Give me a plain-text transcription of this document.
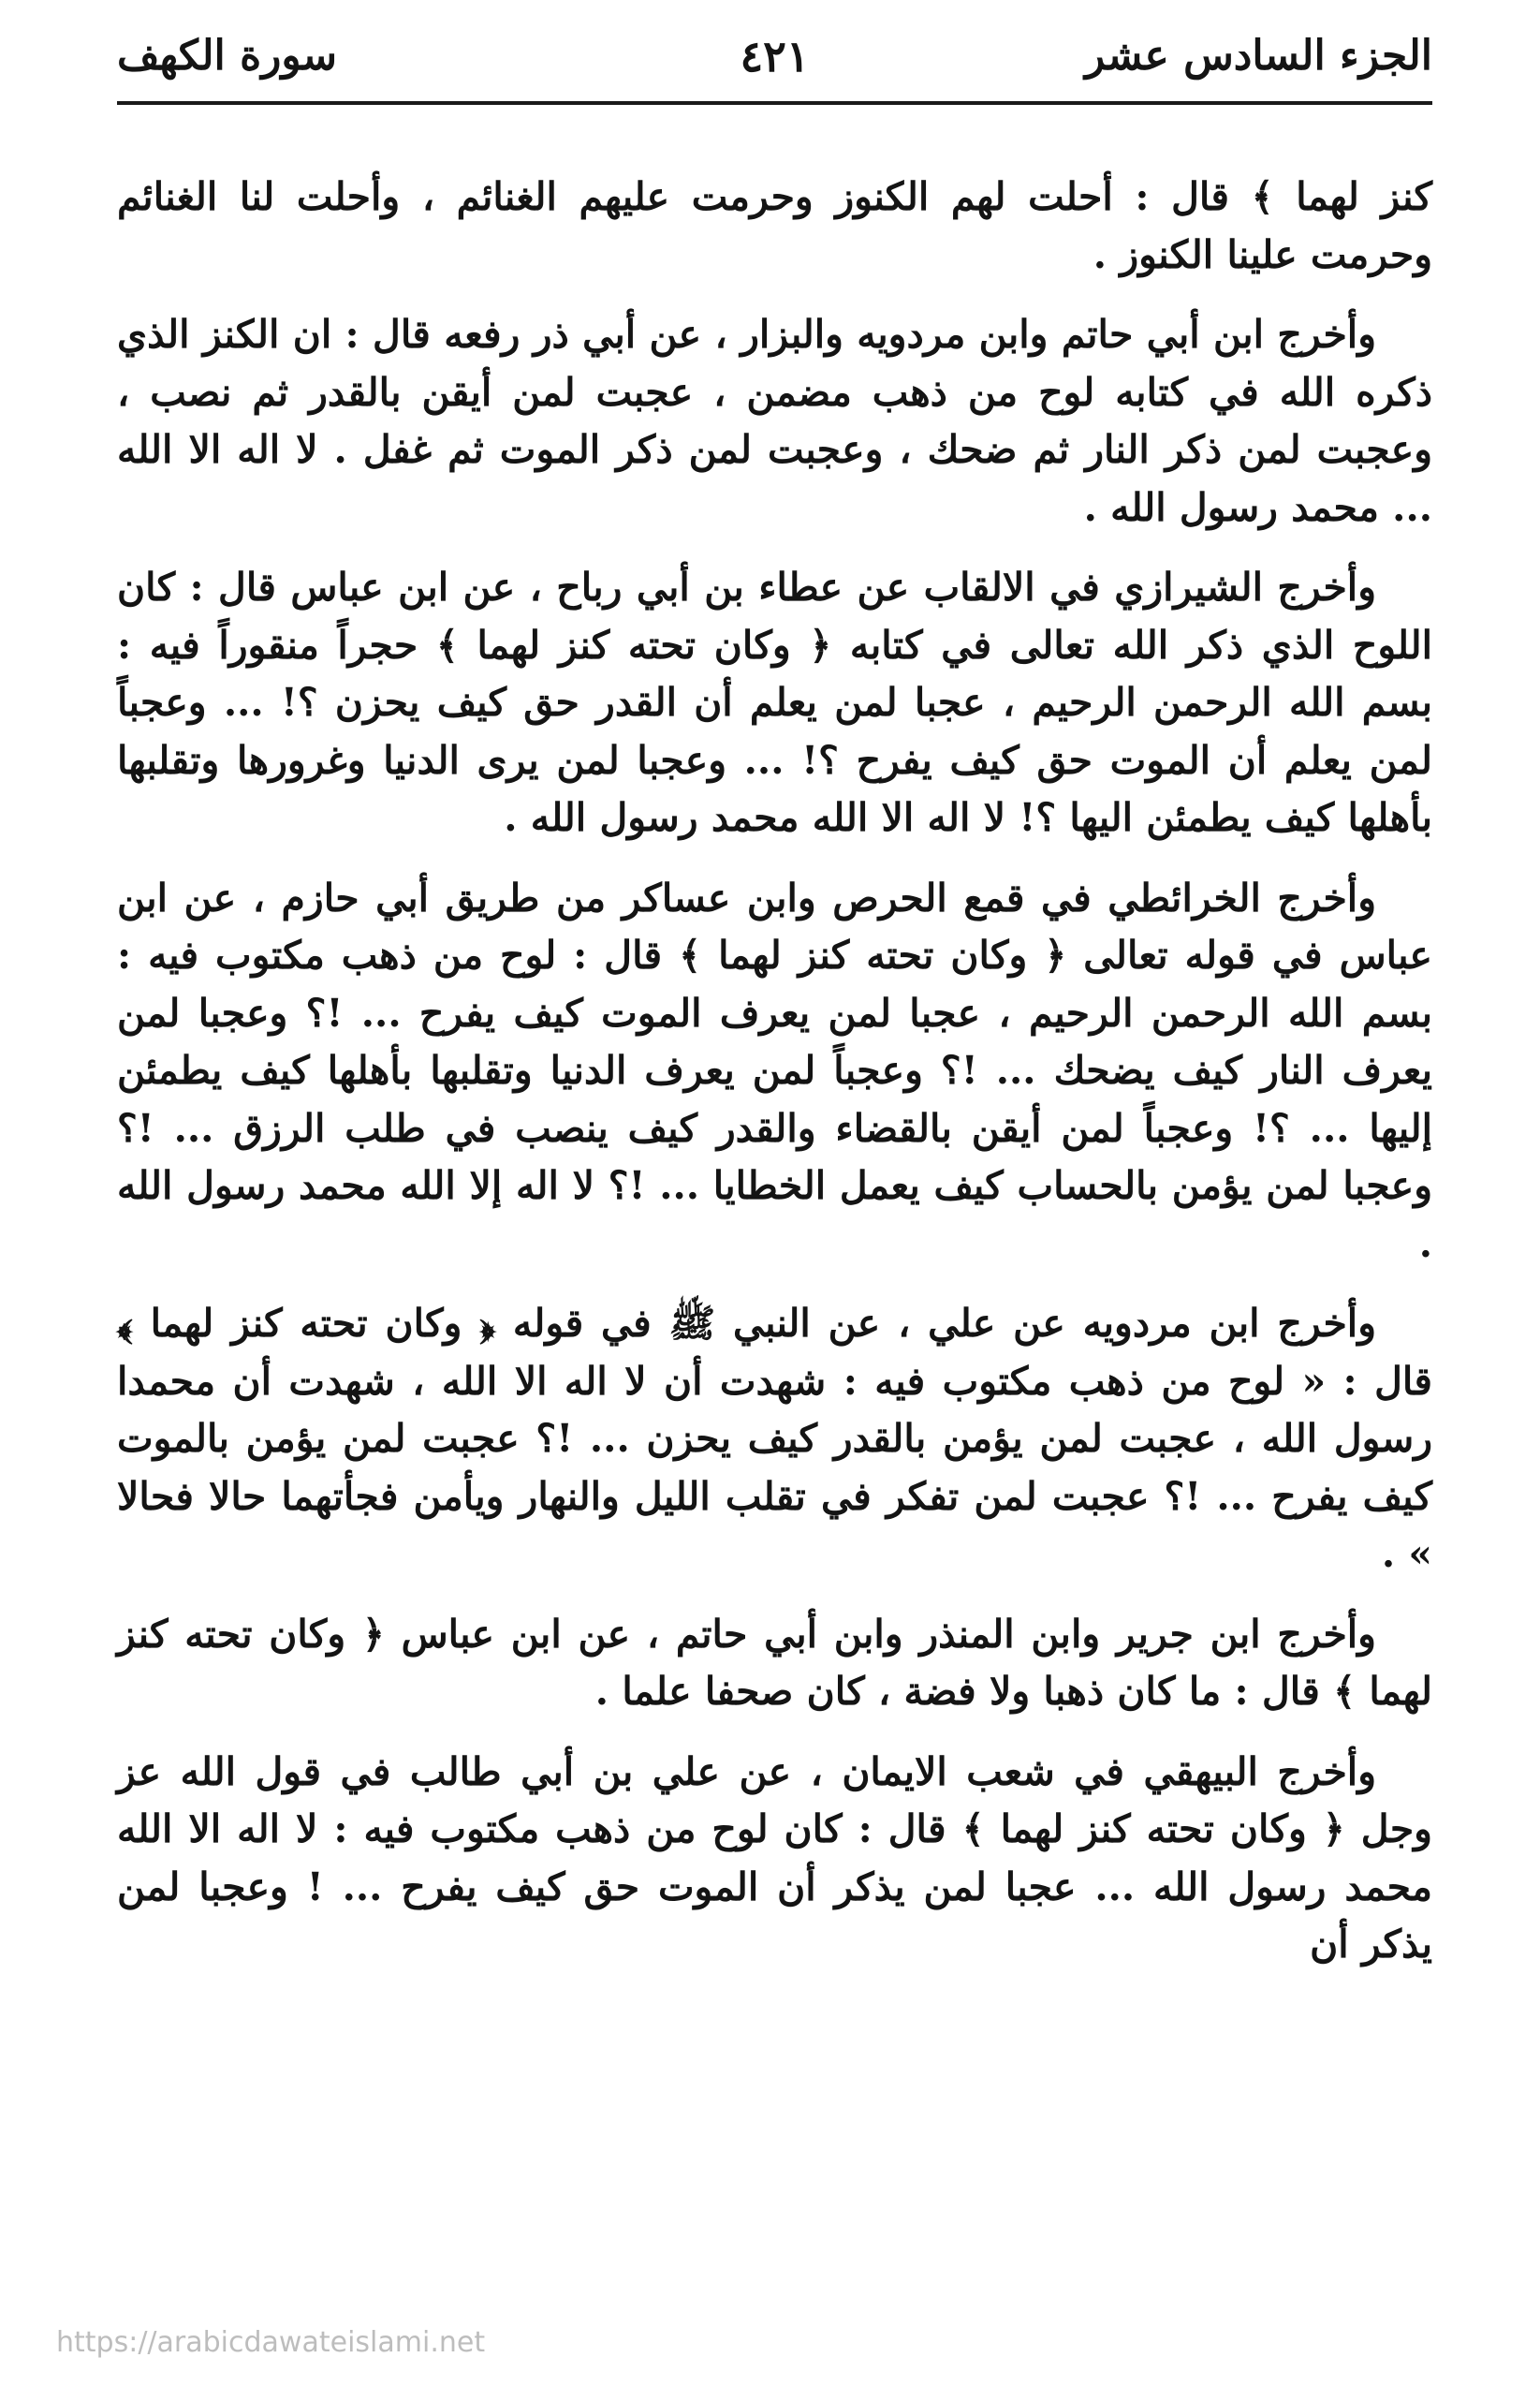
الجزء السادس عشر
٤٢١
سورة الكهف

كنز لهما ﴾ قال : أحلت لهم الكنوز وحرمت عليهم الغنائم ، وأحلت لنا الغنائم وحرمت علينا الكنوز .

وأخرج ابن أبي حاتم وابن مردويه والبزار ، عن أبي ذر رفعه قال : ان الكنز الذي ذكره الله في كتابه لوح من ذهب مضمن ، عجبت لمن أيقن بالقدر ثم نصب ، وعجبت لمن ذكر النار ثم ضحك ، وعجبت لمن ذكر الموت ثم غفل . لا اله الا الله ... محمد رسول الله .

وأخرج الشيرازي في الالقاب عن عطاء بن أبي رباح ، عن ابن عباس قال : كان اللوح الذي ذكر الله تعالى في كتابه ﴿ وكان تحته كنز لهما ﴾ حجراً منقوراً فيه : بسم الله الرحمن الرحيم ، عجبا لمن يعلم أن القدر حق كيف يحزن ؟! ... وعجباً لمن يعلم أن الموت حق كيف يفرح ؟! ... وعجبا لمن يرى الدنيا وغرورها وتقلبها بأهلها كيف يطمئن اليها ؟! لا اله الا الله محمد رسول الله .

وأخرج الخرائطي في قمع الحرص وابن عساكر من طريق أبي حازم ، عن ابن عباس في قوله تعالى ﴿ وكان تحته كنز لهما ﴾ قال : لوح من ذهب مكتوب فيه : بسم الله الرحمن الرحيم ، عجبا لمن يعرف الموت كيف يفرح ... !؟ وعجبا لمن يعرف النار كيف يضحك ... !؟ وعجباً لمن يعرف الدنيا وتقلبها بأهلها كيف يطمئن إليها ... ؟! وعجباً لمن أيقن بالقضاء والقدر كيف ينصب في طلب الرزق ... !؟ وعجبا لمن يؤمن بالحساب كيف يعمل الخطايا ... !؟ لا اله إلا الله محمد رسول الله .

وأخرج ابن مردويه عن علي ، عن النبي ﷺ في قوله ﴿ وكان تحته كنز لهما ﴾ قال : « لوح من ذهب مكتوب فيه : شهدت أن لا اله الا الله ، شهدت أن محمدا رسول الله ، عجبت لمن يؤمن بالقدر كيف يحزن ... !؟ عجبت لمن يؤمن بالموت كيف يفرح ... !؟ عجبت لمن تفكر في تقلب الليل والنهار ويأمن فجأتهما حالا فحالا » .

وأخرج ابن جرير وابن المنذر وابن أبي حاتم ، عن ابن عباس ﴿ وكان تحته كنز لهما ﴾ قال : ما كان ذهبا ولا فضة ، كان صحفا علما .

وأخرج البيهقي في شعب الايمان ، عن علي بن أبي طالب في قول الله عز وجل ﴿ وكان تحته كنز لهما ﴾ قال : كان لوح من ذهب مكتوب فيه : لا اله الا الله محمد رسول الله ... عجبا لمن يذكر أن الموت حق كيف يفرح ... ! وعجبا لمن يذكر أن

https://arabicdawateislami.net
